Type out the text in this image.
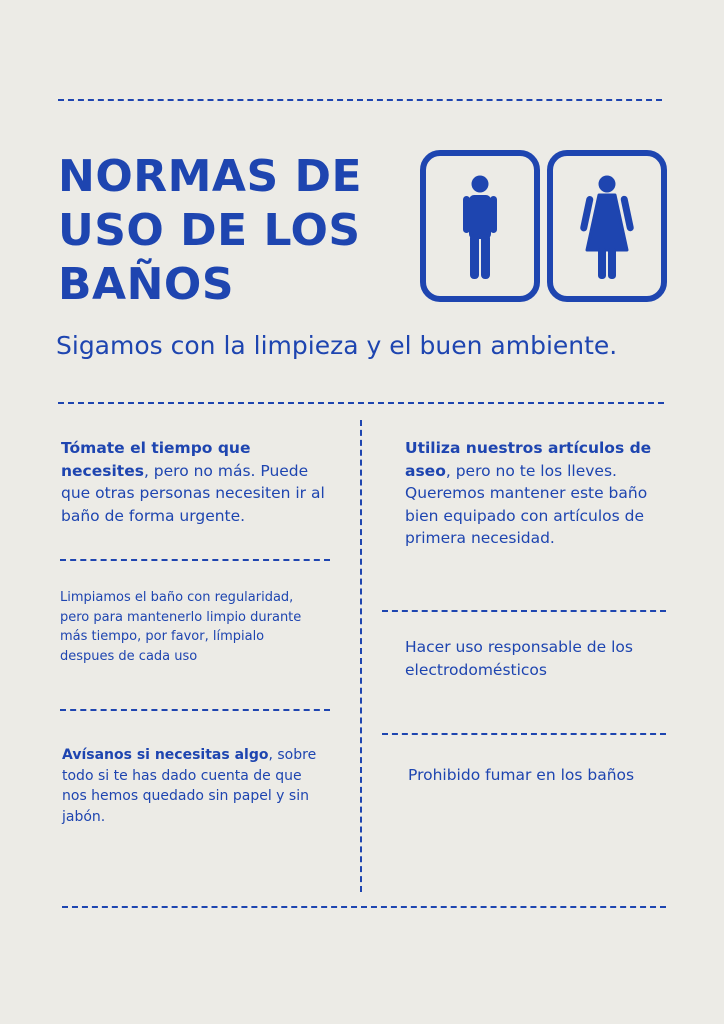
NORMAS DE
USO DE LOS
BAÑOS
Sigamos con la limpieza y el buen ambiente.
Tómate el tiempo que necesites, pero no más. Puede que otras personas necesiten ir al baño de forma urgente.
Limpiamos el baño con regularidad, pero para mantenerlo limpio durante más tiempo, por favor, límpialo despues de cada uso
Avísanos si necesitas algo, sobre todo si te has dado cuenta de que nos hemos quedado sin papel y sin jabón.
Utiliza nuestros artículos de aseo, pero no te los lleves. Queremos mantener este baño bien equipado con artículos de primera necesidad.
Hacer uso responsable de los electrodomésticos
Prohibido fumar en los baños
